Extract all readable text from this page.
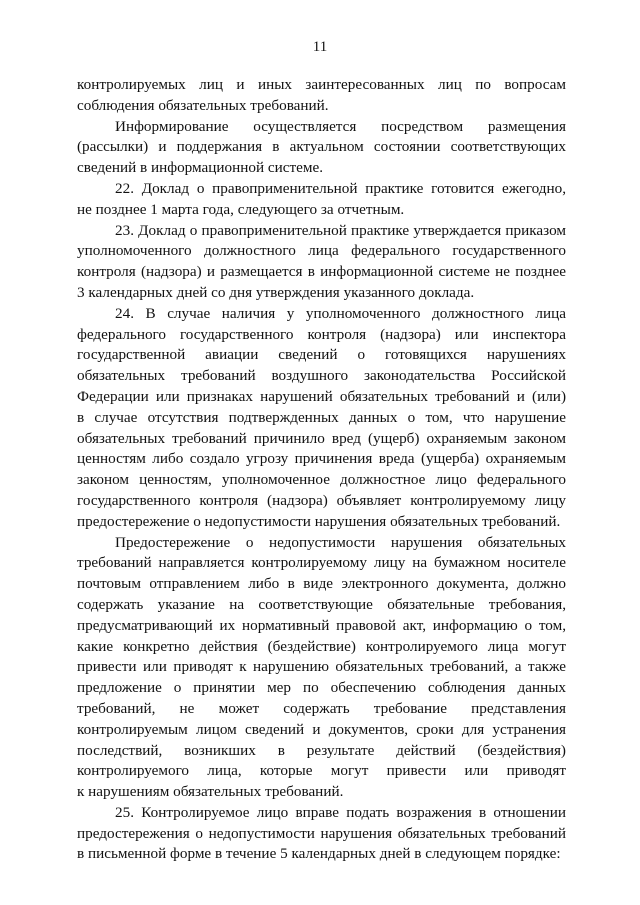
11
контролируемых лиц и иных заинтересованных лиц по вопросам
соблюдения обязательных требований.
Информирование осуществляется посредством размещения
(рассылки) и поддержания в актуальном состоянии соответствующих
сведений в информационной системе.
22. Доклад о правоприменительной практике готовится ежегодно,
не позднее 1 марта года, следующего за отчетным.
23. Доклад о правоприменительной практике утверждается приказом
уполномоченного должностного лица федерального государственного
контроля (надзора) и размещается в информационной системе не позднее
3 календарных дней со дня утверждения указанного доклада.
24. В случае наличия у уполномоченного должностного лица
федерального государственного контроля (надзора) или инспектора
государственной авиации сведений о готовящихся нарушениях
обязательных требований воздушного законодательства Российской
Федерации или признаках нарушений обязательных требований и (или)
в случае отсутствия подтвержденных данных о том, что нарушение
обязательных требований причинило вред (ущерб) охраняемым законом
ценностям либо создало угрозу причинения вреда (ущерба) охраняемым
законом ценностям, уполномоченное должностное лицо федерального
государственного контроля (надзора) объявляет контролируемому лицу
предостережение о недопустимости нарушения обязательных требований.
Предостережение о недопустимости нарушения обязательных
требований направляется контролируемому лицу на бумажном носителе
почтовым отправлением либо в виде электронного документа, должно
содержать указание на соответствующие обязательные требования,
предусматривающий их нормативный правовой акт, информацию о том,
какие конкретно действия (бездействие) контролируемого лица могут
привести или приводят к нарушению обязательных требований, а также
предложение о принятии мер по обеспечению соблюдения данных
требований, не может содержать требование представления
контролируемым лицом сведений и документов, сроки для устранения
последствий, возникших в результате действий (бездействия)
контролируемого лица, которые могут привести или приводят
к нарушениям обязательных требований.
25. Контролируемое лицо вправе подать возражения в отношении
предостережения о недопустимости нарушения обязательных требований
в письменной форме в течение 5 календарных дней в следующем порядке:
